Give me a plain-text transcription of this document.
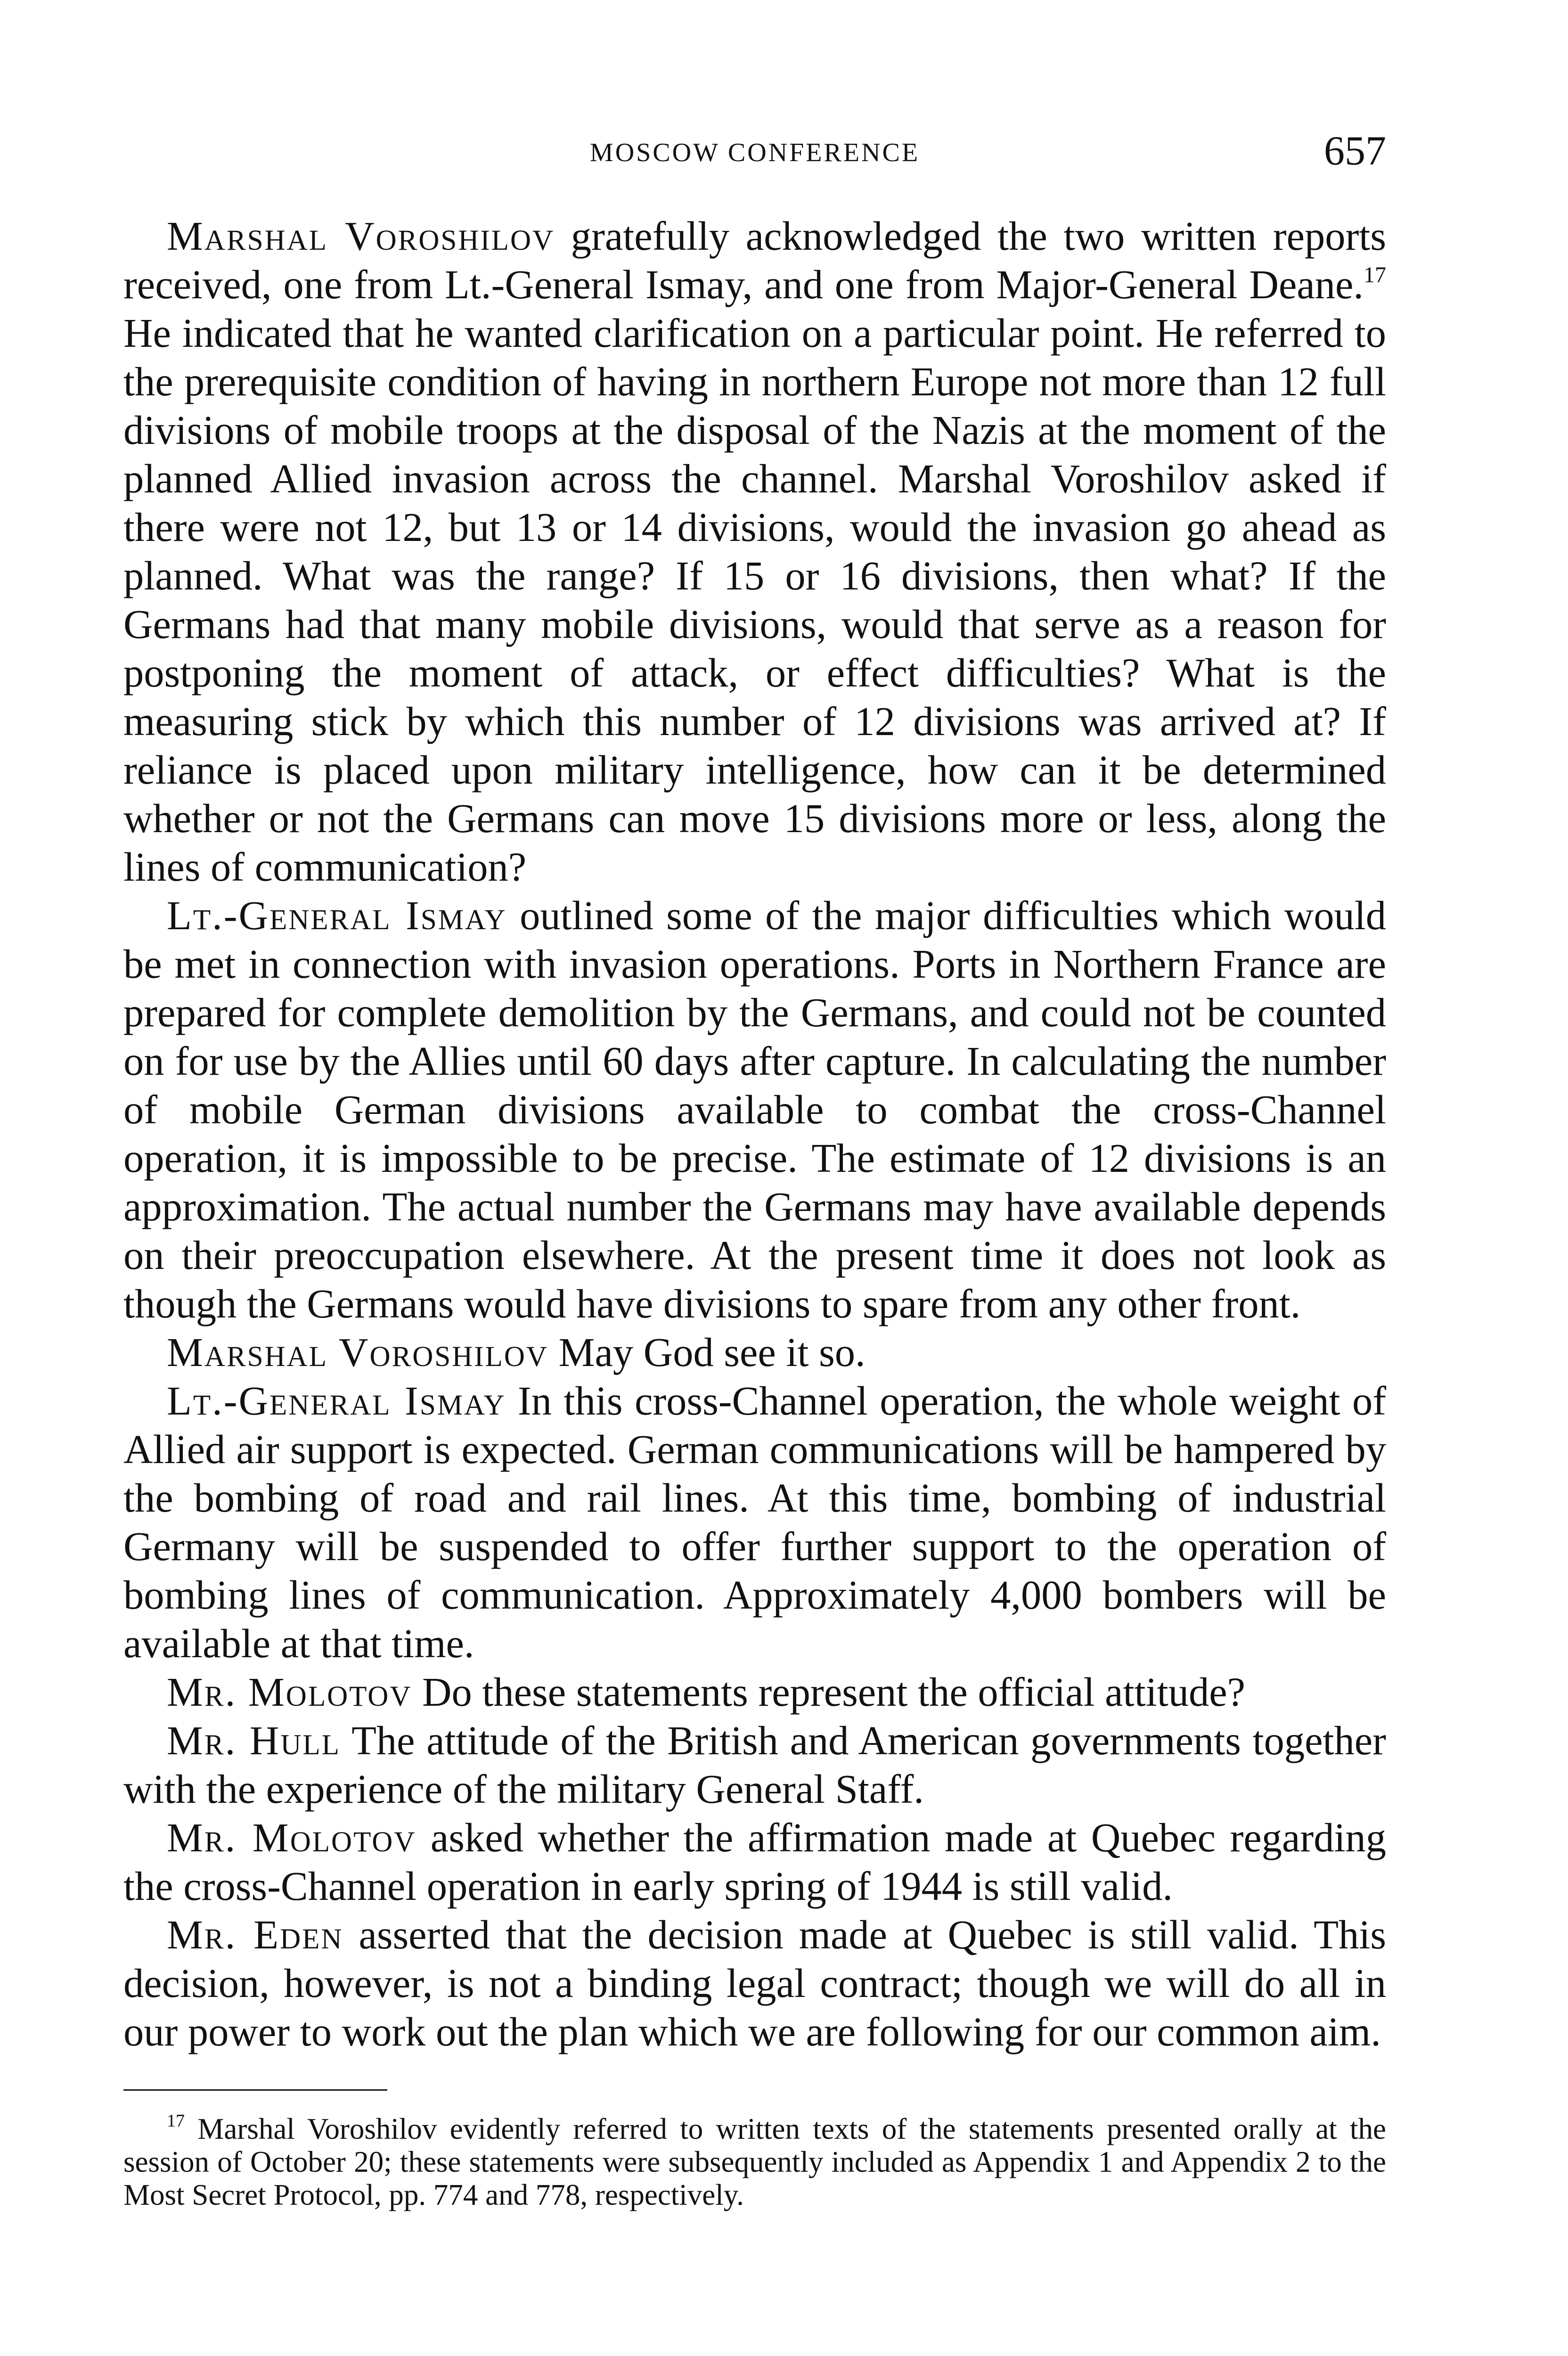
MOSCOW CONFERENCE	657

Marshal Voroshilov gratefully acknowledged the two written reports received, one from Lt.-General Ismay, and one from Major-General Deane.$^{17}$ He indicated that he wanted clarification on a particular point. He referred to the prerequisite condition of having in northern Europe not more than 12 full divisions of mobile troops at the disposal of the Nazis at the moment of the planned Allied invasion across the channel. Marshal Voroshilov asked if there were not 12, but 13 or 14 divisions, would the invasion go ahead as planned. What was the range? If 15 or 16 divisions, then what? If the Germans had that many mobile divisions, would that serve as a reason for postponing the moment of attack, or effect difficulties? What is the measuring stick by which this number of 12 divisions was arrived at? If reliance is placed upon military intelligence, how can it be determined whether or not the Germans can move 15 divisions more or less, along the lines of communication?

Lt.-General Ismay outlined some of the major difficulties which would be met in connection with invasion operations. Ports in Northern France are prepared for complete demolition by the Germans, and could not be counted on for use by the Allies until 60 days after capture. In calculating the number of mobile German divisions available to combat the cross-Channel operation, it is impossible to be precise. The estimate of 12 divisions is an approximation. The actual number the Germans may have available depends on their preoccupation elsewhere. At the present time it does not look as though the Germans would have divisions to spare from any other front.

Marshal Voroshilov May God see it so.

Lt.-General Ismay In this cross-Channel operation, the whole weight of Allied air support is expected. German communications will be hampered by the bombing of road and rail lines. At this time, bombing of industrial Germany will be suspended to offer further support to the operation of bombing lines of communication. Approximately 4,000 bombers will be available at that time.

Mr. Molotov Do these statements represent the official attitude?

Mr. Hull The attitude of the British and American governments together with the experience of the military General Staff.

Mr. Molotov asked whether the affirmation made at Quebec regarding the cross-Channel operation in early spring of 1944 is still valid.

Mr. Eden asserted that the decision made at Quebec is still valid. This decision, however, is not a binding legal contract; though we will do all in our power to work out the plan which we are following for our common aim.

$^{17}$ Marshal Voroshilov evidently referred to written texts of the statements presented orally at the session of October 20; these statements were subsequently included as Appendix 1 and Appendix 2 to the Most Secret Protocol, pp. 774 and 778, respectively.
